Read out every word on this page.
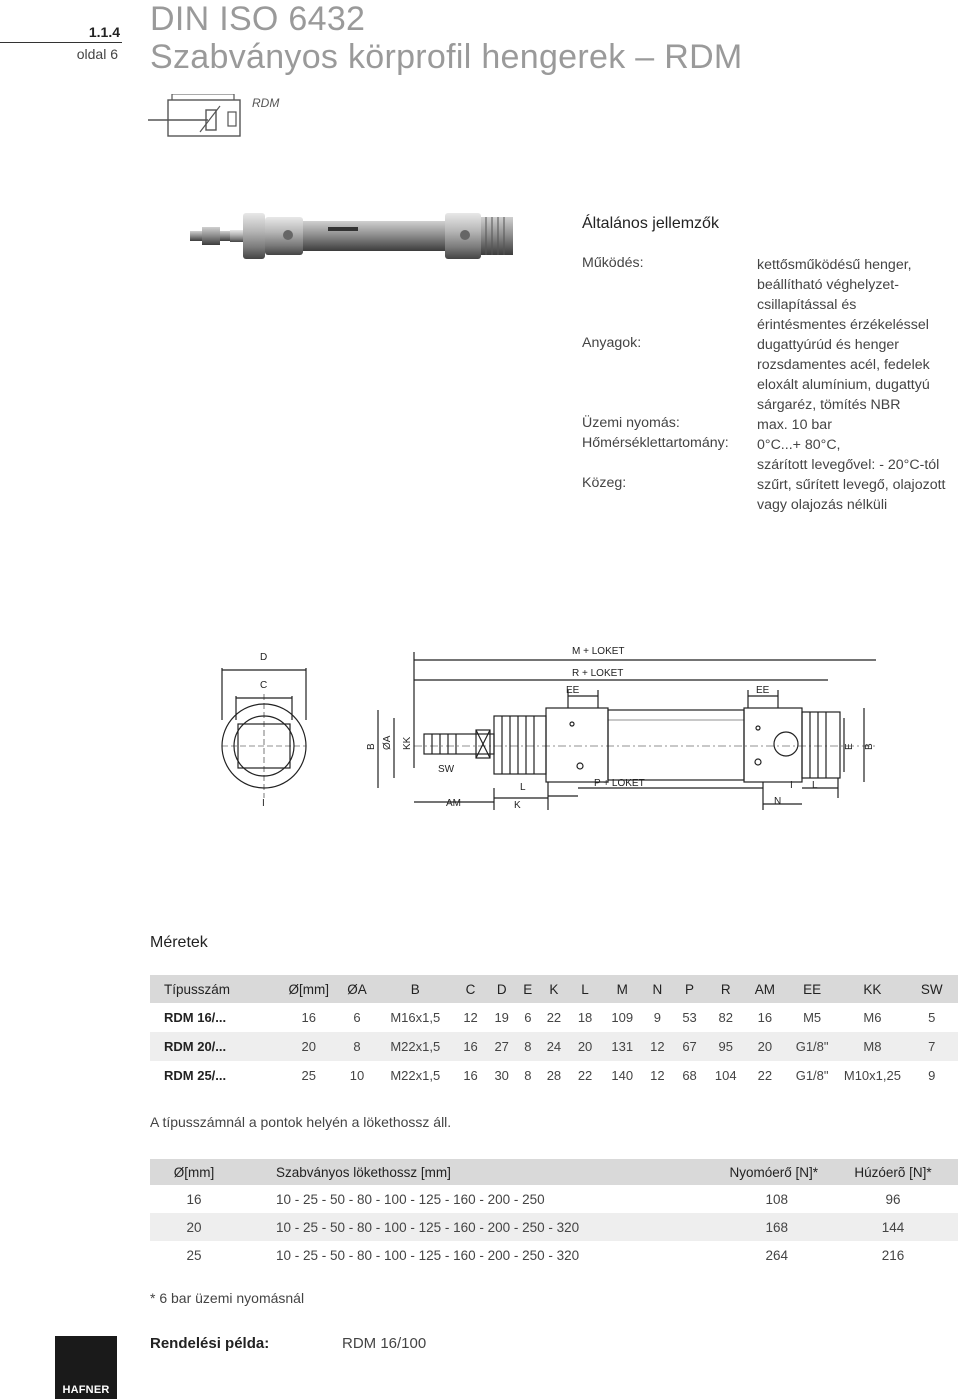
1.1.4
oldal 6
DIN ISO 6432
Szabványos körprofil hengerek – RDM
RDM
Általános jellemzők
Működés:	kettősműködésű henger,
beállítható véghelyzet-
csillapítással és
érintésmentes érzékeléssel
Anyagok:	dugattyúrúd és henger
rozsdamentes acél, fedelek
eloxált alumínium, dugattyú
sárgaréz, tömítés NBR
Üzemi nyomás:	max. 10 bar
Hőmérséklettartomány: 0°C...+ 80°C,
szárított levegővel: - 20°C-tól
Közeg:	szűrt, sűrített levegő, olajozott
vagy olajozás nélküli
D
C
I
B ØA KK
SW
AM	K
L
M + LOKET
R + LOKET
EE	EE
P + LOKET
N
I L
E B
Méretek
Típusszám	Ø[mm]	ØA	B	C	D	E	K	L	M	N	P	R	AM	EE	KK	SW
RDM 16/...	16	6	M16x1,5	12	19	6	22	18	109	9	53	82	16	M5	M6	5
RDM 20/...	20	8	M22x1,5	16	27	8	24	20	131	12	67	95	20	G1/8"	M8	7
RDM 25/...	25	10	M22x1,5	16	30	8	28	22	140	12	68	104	22	G1/8"	M10x1,25	9
A típusszámnál a pontok helyén a lökethossz áll.
Ø[mm]	Szabványos lökethossz [mm]	Nyomóerő [N]*	Húzóerõ [N]*
16	10 - 25 - 50 - 80 - 100 - 125 - 160 - 200 - 250	108	96
20	10 - 25 - 50 - 80 - 100 - 125 - 160 - 200 - 250 - 320	168	144
25	10 - 25 - 50 - 80 - 100 - 125 - 160 - 200 - 250 - 320	264	216
* 6 bar üzemi nyomásnál
Rendelési példa:	RDM 16/100
HAFNER
